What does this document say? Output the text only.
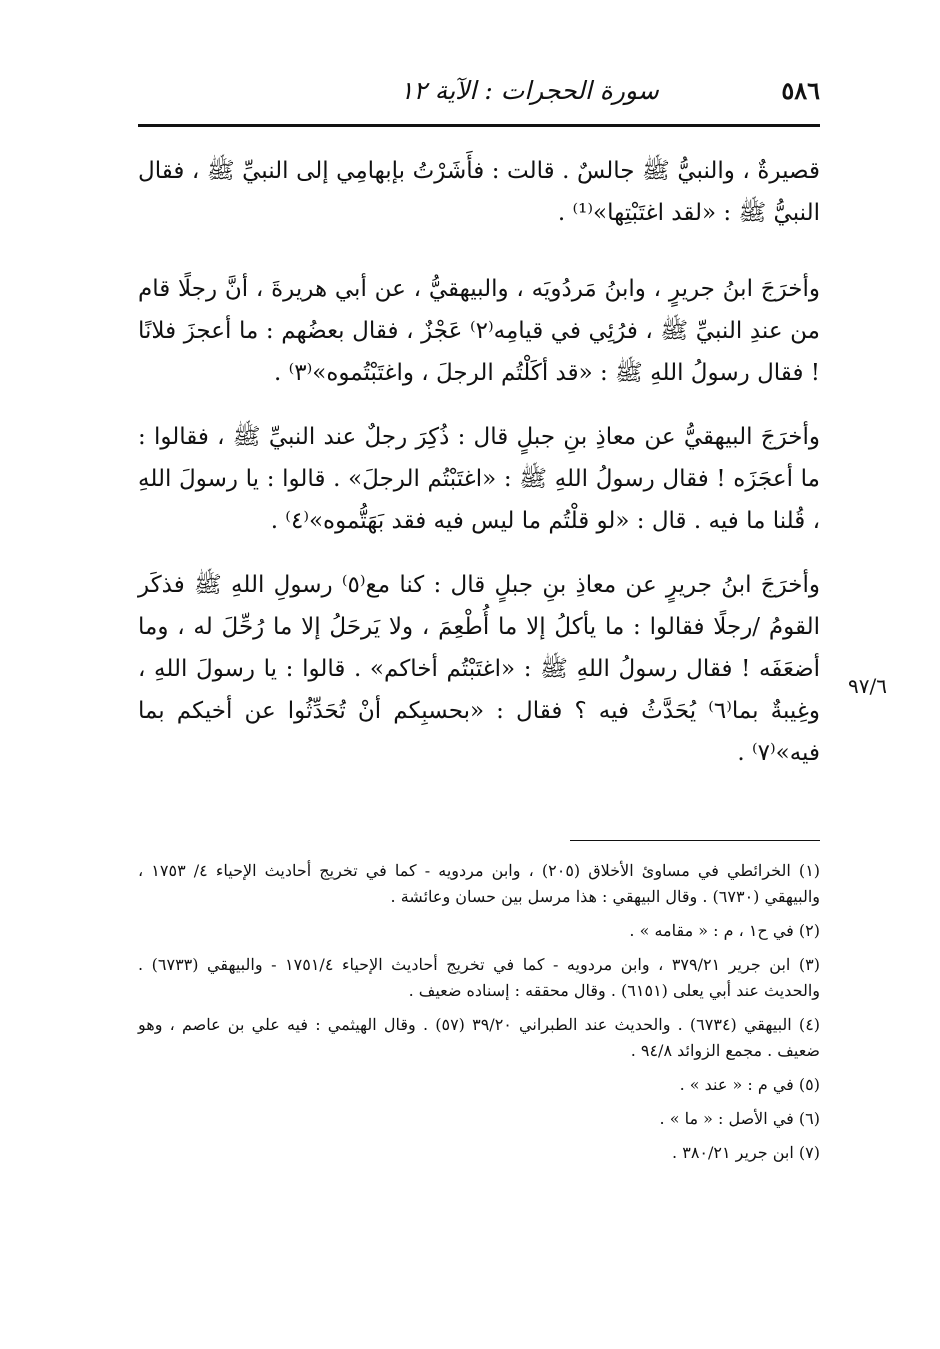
٥٨٦
سورة الحجرات : الآية ١٢

قصيرةٌ ، والنبيُّ ﷺ جالسٌ . قالت : فأَشَرْتُ بإبهامِي إلى النبيِّ ﷺ ، فقال النبيُّ ﷺ : «لقد اغتَبْتِها»⁽¹⁾ .

وأخرَجَ ابنُ جريرٍ ، وابنُ مَردُويَه ، والبيهقيُّ ، عن أبي هريرةَ ، أنَّ رجلًا قام من عندِ النبيِّ ﷺ ، فرُئِي في قيامِه⁽٢⁾ عَجْزٌ ، فقال بعضُهم : ما أعجزَ فلانًا ! فقال رسولُ اللهِ ﷺ : «قد أكَلْتُم الرجلَ ، واغتَبْتُموه»⁽٣⁾ .

وأخرَجَ البيهقيُّ عن معاذِ بنِ جبلٍ قال : ذُكِرَ رجلٌ عند النبيِّ ﷺ ، فقالوا : ما أعجَزَه ! فقال رسولُ اللهِ ﷺ : «اغتَبْتُم الرجلَ» . قالوا : يا رسولَ اللهِ ، قُلنا ما فيه . قال : «لو قلْتُم ما ليس فيه فقد بَهَتُّموه»⁽٤⁾ .

وأخرَجَ ابنُ جريرٍ عن معاذِ بنِ جبلٍ قال : كنا مع⁽٥⁾ رسولِ اللهِ ﷺ فذكَر القومُ /رجلًا فقالوا : ما يأكلُ إلا ما أُطْعِمَ ، ولا يَرحَلُ إلا ما رُحِّلَ له ، وما أضعَفَه ! فقال رسولُ اللهِ ﷺ : «اغتَبْتُم أخاكم» . قالوا : يا رسولَ اللهِ ، وغِيبةٌ بما⁽٦⁾ يُحَدَّثُ فيه ؟ فقال : «بحسبِكم أنْ تُحَدِّثُوا عن أخيكم بما فيه»⁽٧⁾ .

٩٧/٦

(١) الخرائطي في مساوئ الأخلاق (٢٠٥) ، وابن مردويه - كما في تخريج أحاديث الإحياء ٤/ ١٧٥٣ ، والبيهقي (٦٧٣٠) . وقال البيهقي : هذا مرسل بين حسان وعائشة .

(٢) في ح١ ، م : « مقامه » .

(٣) ابن جرير ٣٧٩/٢١ ، وابن مردويه - كما في تخريج أحاديث الإحياء ١٧٥١/٤ - والبيهقي (٦٧٣٣) . والحديث عند أبي يعلى (٦١٥١) . وقال محققه : إسناده ضعيف .

(٤) البيهقي (٦٧٣٤) . والحديث عند الطبراني ٣٩/٢٠ (٥٧) . وقال الهيثمي : فيه علي بن عاصم ، وهو ضعيف . مجمع الزوائد ٩٤/٨ .

(٥) في م : « عند » .

(٦) في الأصل : « ما » .

(٧) ابن جرير ٣٨٠/٢١ .
